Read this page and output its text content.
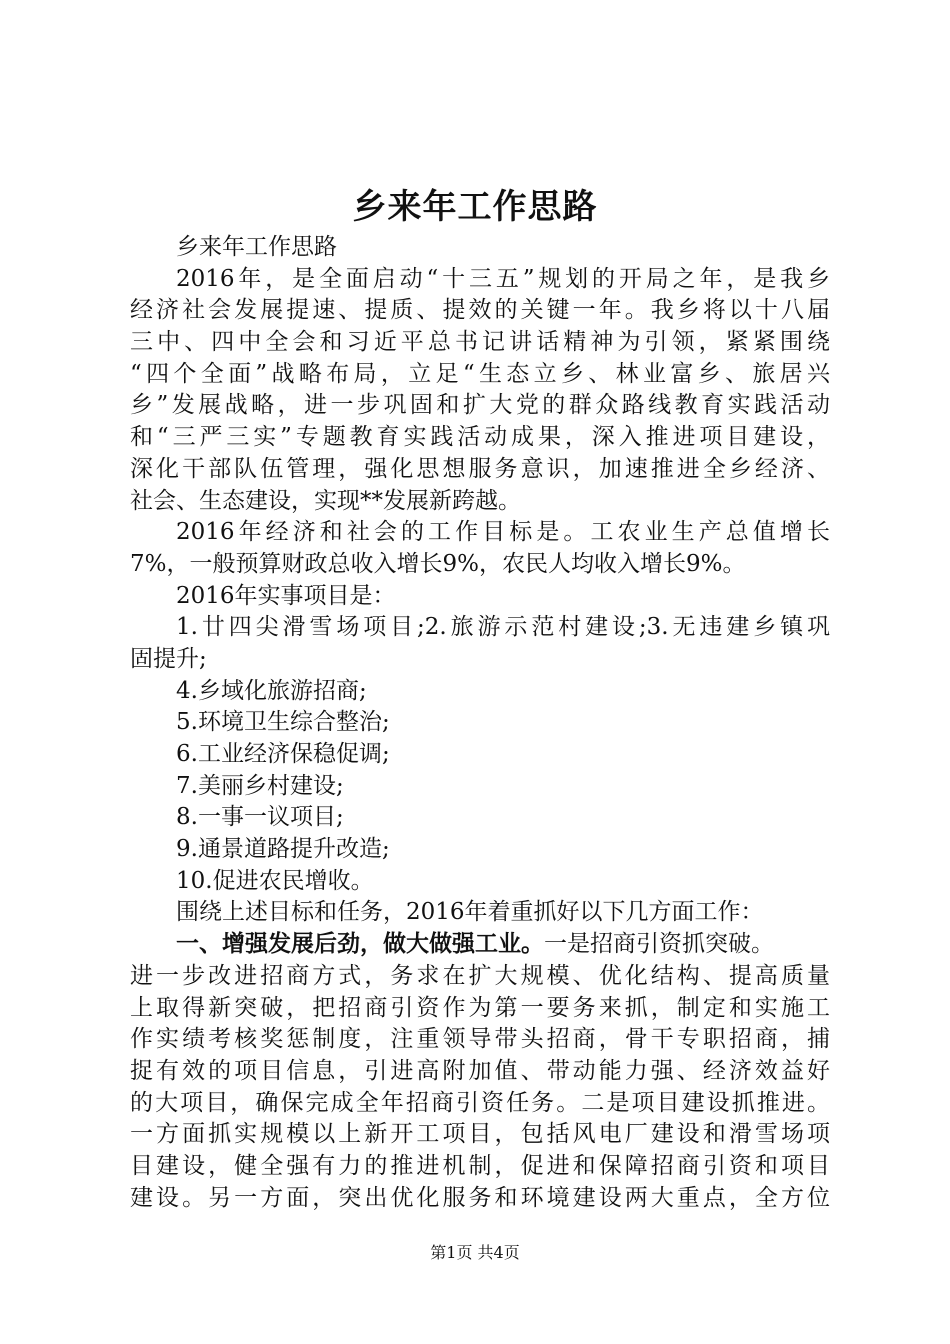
乡来年工作思路
乡来年工作思路
2016年，是全面启动“十三五”规划的开局之年，是我乡
经济社会发展提速、提质、提效的关键一年。我乡将以十八届
三中、四中全会和习近平总书记讲话精神为引领，紧紧围绕
“四个全面”战略布局，立足“生态立乡、林业富乡、旅居兴
乡”发展战略，进一步巩固和扩大党的群众路线教育实践活动
和“三严三实”专题教育实践活动成果，深入推进项目建设，
深化干部队伍管理，强化思想服务意识，加速推进全乡经济、
社会、生态建设，实现**发展新跨越。
2016年经济和社会的工作目标是。工农业生产总值增长
7%，一般预算财政总收入增长9%，农民人均收入增长9%。
2016年实事项目是：
1.廿四尖滑雪场项目;2.旅游示范村建设;3.无违建乡镇巩
固提升;
4.乡域化旅游招商;
5.环境卫生综合整治;
6.工业经济保稳促调;
7.美丽乡村建设;
8.一事一议项目;
9.通景道路提升改造;
10.促进农民增收。
围绕上述目标和任务，2016年着重抓好以下几方面工作：
一、增强发展后劲，做大做强工业。一是招商引资抓突破。
进一步改进招商方式，务求在扩大规模、优化结构、提高质量
上取得新突破，把招商引资作为第一要务来抓，制定和实施工
作实绩考核奖惩制度，注重领导带头招商，骨干专职招商，捕
捉有效的项目信息，引进高附加值、带动能力强、经济效益好
的大项目，确保完成全年招商引资任务。二是项目建设抓推进。
一方面抓实规模以上新开工项目，包括风电厂建设和滑雪场项
目建设，健全强有力的推进机制，促进和保障招商引资和项目
建设。另一方面，突出优化服务和环境建设两大重点，全方位
第1页 共4页
